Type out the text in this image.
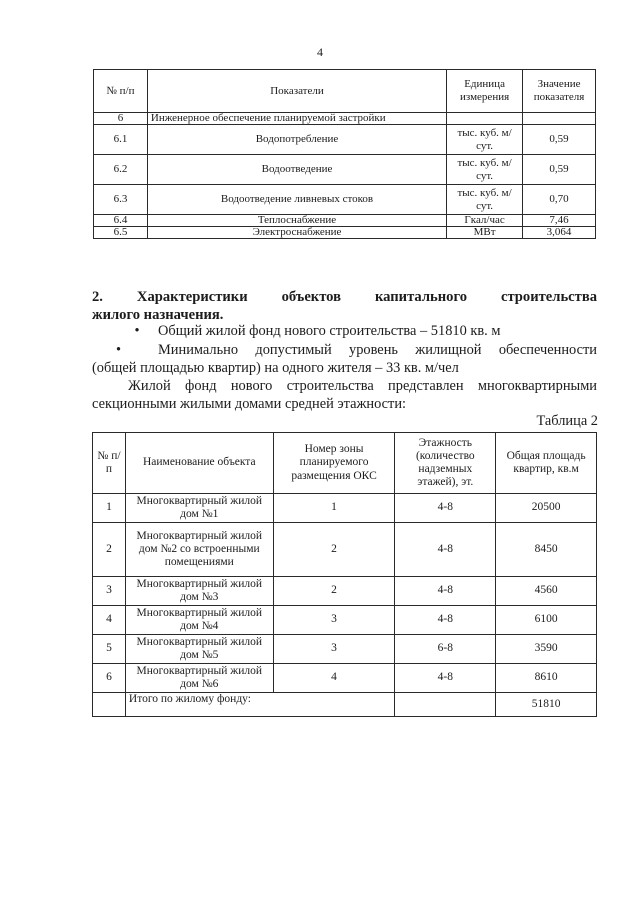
4
№ п/п	Показатели	Единица измерения	Значение показателя
6	Инженерное обеспечение планируемой застройки		
6.1	Водопотребление	тыс. куб. м/сут.	0,59
6.2	Водоотведение	тыс. куб. м/сут.	0,59
6.3	Водоотведение ливневых стоков	тыс. куб. м/сут.	0,70
6.4	Теплоснабжение	Гкал/час	7,46
6.5	Электроснабжение	МВт	3,064
2.     Характеристики     объектов     капитального     строительства
жилого назначения.
• Общий жилой фонд нового строительства – 51810 кв. м
•	Минимально допустимый уровень жилищной обеспеченности
(общей площадью квартир) на одного жителя – 33 кв. м/чел
Жилой фонд нового строительства представлен многоквартирными
секционными жилыми домами средней этажности:
Таблица 2
№ п/п	Наименование объекта	Номер зоны планируемого размещения ОКС	Этажность (количество надземных этажей), эт.	Общая площадь квартир, кв.м
1	Многоквартирный жилой дом №1	1	4-8	20500
2	Многоквартирный жилой дом №2 со встроенными помещениями	2	4-8	8450
3	Многоквартирный жилой дом №3	2	4-8	4560
4	Многоквартирный жилой дом №4	3	4-8	6100
5	Многоквартирный жилой дом №5	3	6-8	3590
6	Многоквартирный жилой дом №6	4	4-8	8610
	Итого по жилому фонду:			51810
